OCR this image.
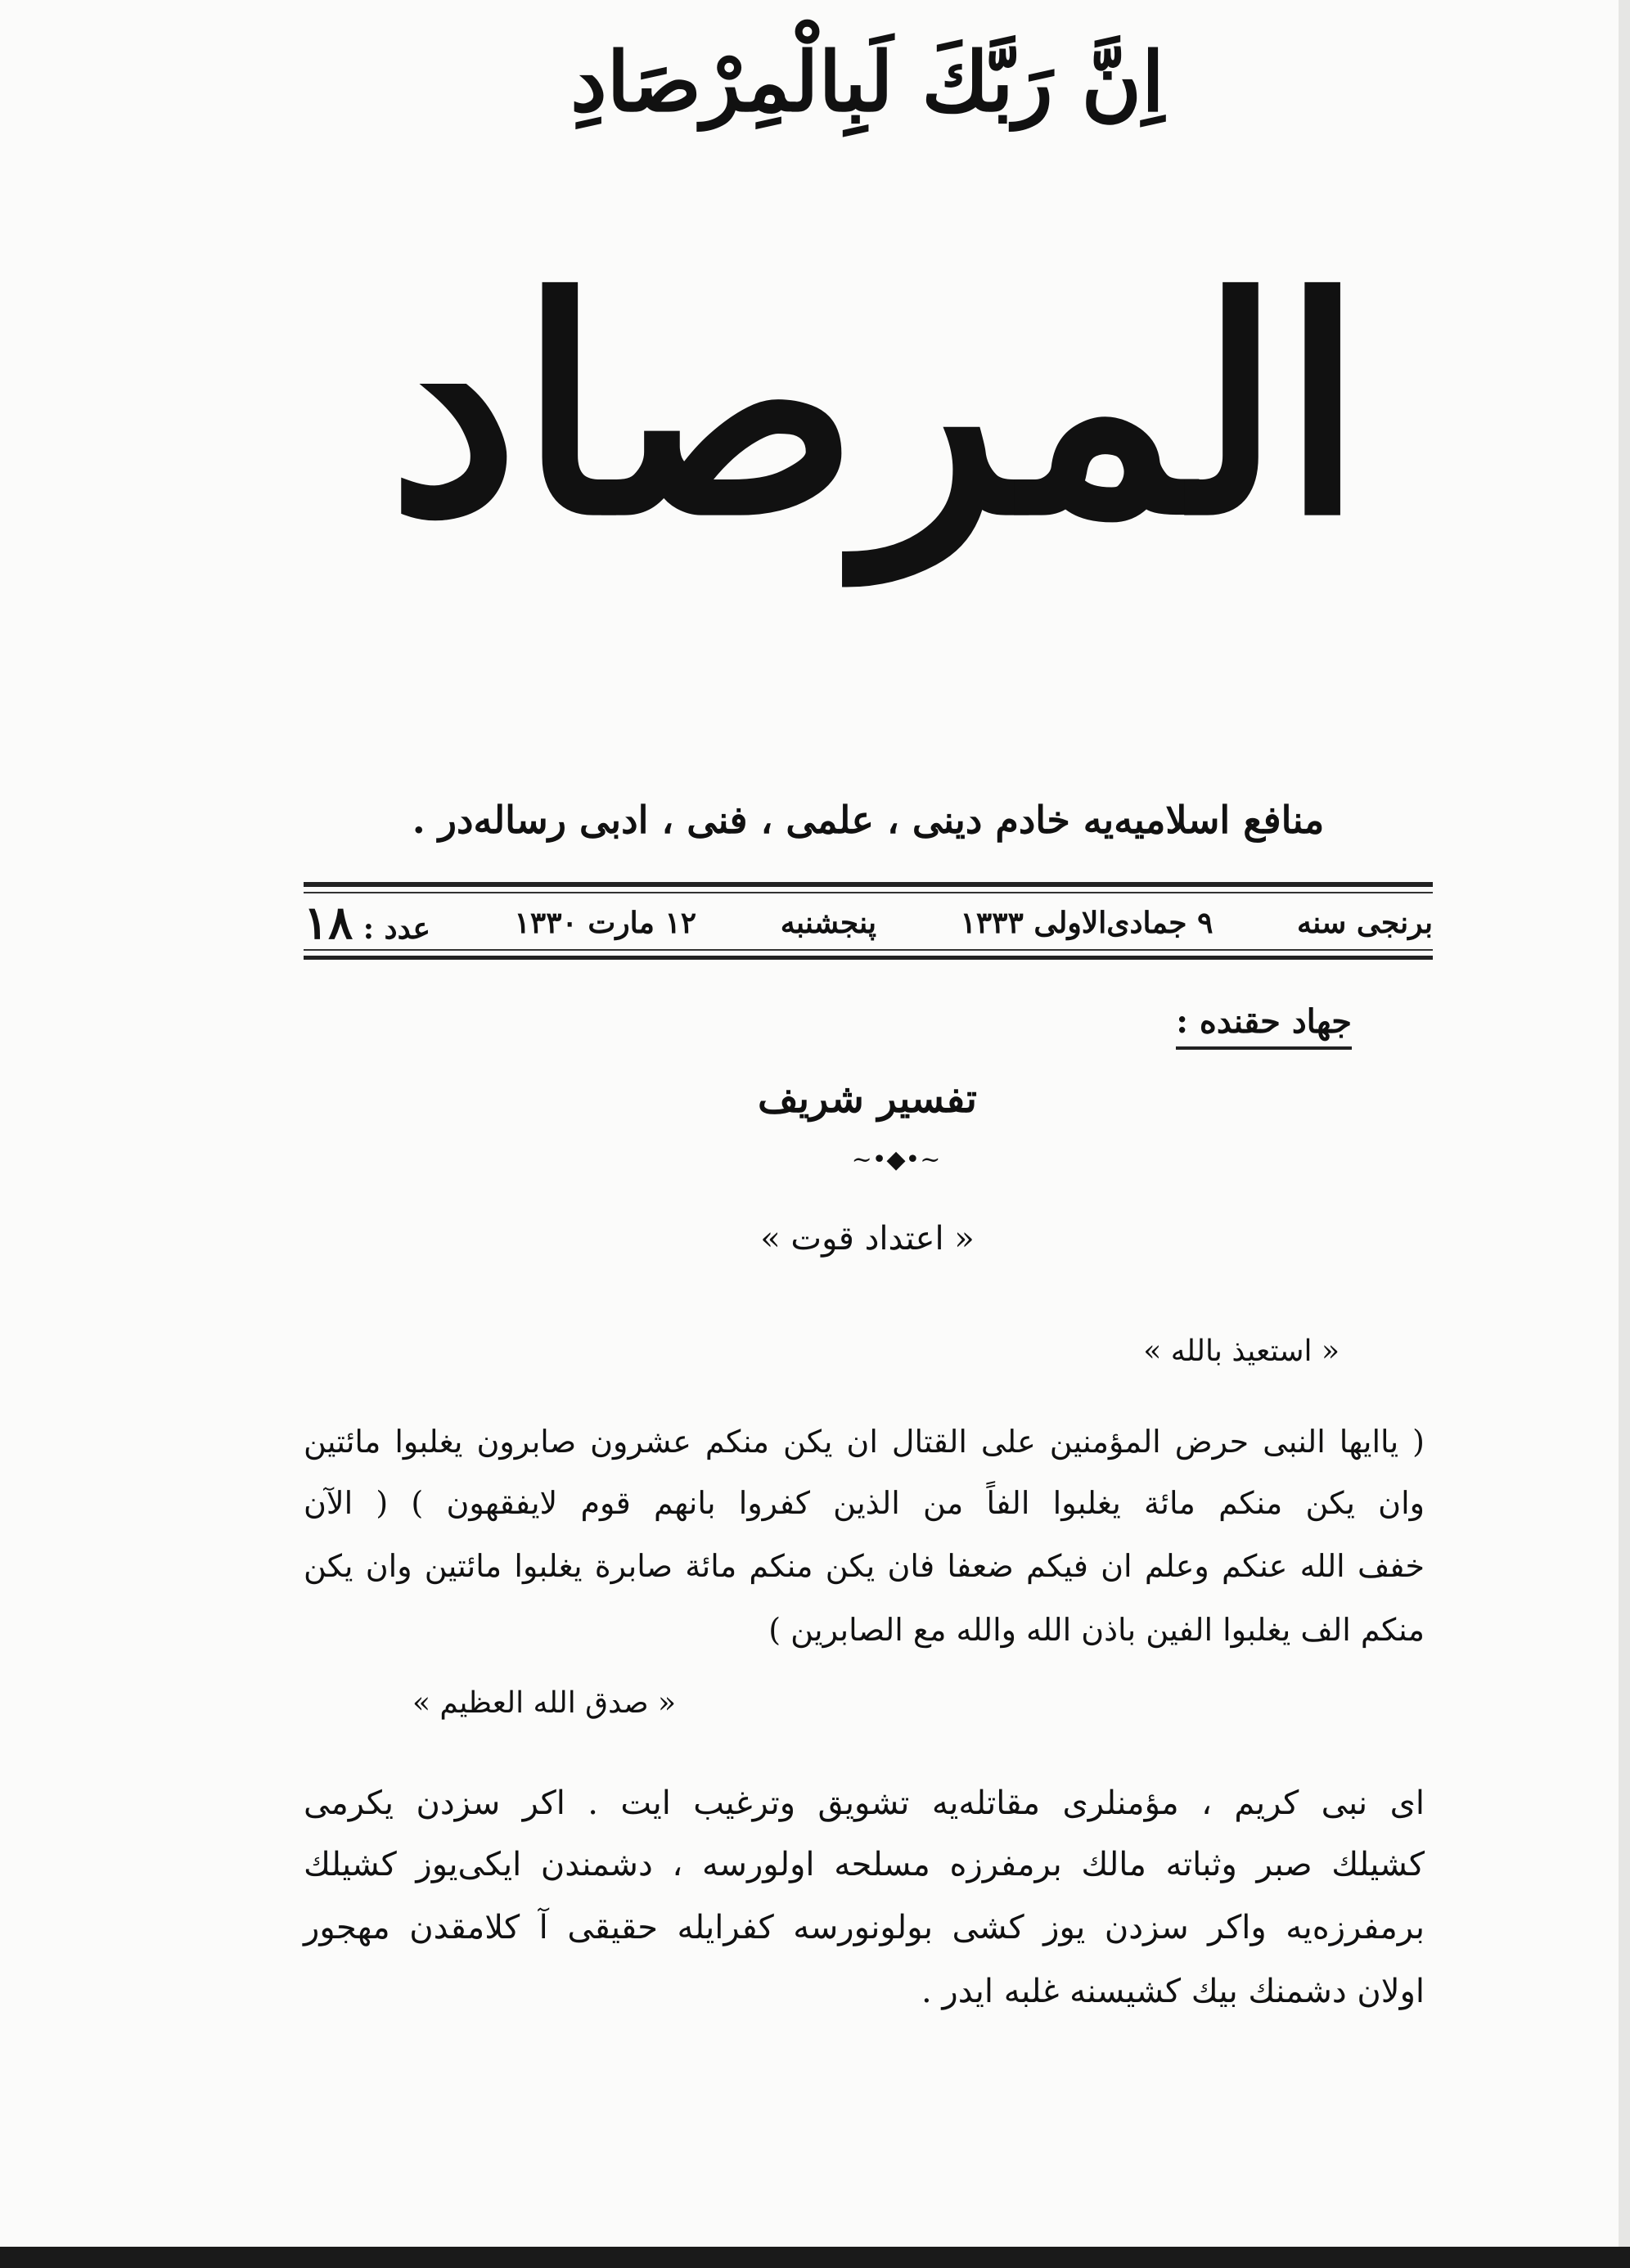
اِنَّ رَبَّكَ لَبِالْمِرْصَادِ
المرصاد
منافع اسلاميه‌يه خادم دينى ، علمى ، فنى ، ادبى رساله‌در .
برنجی سنه
۹ جمادی‌الاولی ۱۳۳۳
پنجشنبه
۱۲ مارت ۱۳۳۰
عدد : ۱۸
جهاد حقنده :
تفسير شريف
~•◆•~
« اعتداد قوت »
« استعيذ بالله »
( ياايها النبى حرض المؤمنين على القتال ان يكن منكم عشرون صابرون يغلبوا مائتين
وان يكن منكم مائة يغلبوا الفاً من الذين كفروا بانهم قوم لايفقهون ) ( الآن
خفف الله عنكم وعلم ان فيكم ضعفا فان يكن منكم مائة صابرة يغلبوا مائتين وان يكن
منكم الف يغلبوا الفين باذن الله والله مع الصابرين )
« صدق الله العظيم »
اى نبى كريم ، مؤمنلرى مقاتله‌يه تشويق وترغيب ايت . اكر سزدن يكرمى
كشيلك صبر وثباته مالك برمفرزه مسلحه اولورسه ، دشمندن ايكى‌يوز كشيلك
برمفرزه‌يه واكر سزدن يوز كشى بولونورسه كفرايله حقيقى آ كلامقدن مهجور
اولان دشمنك بيك كشيسنه غلبه ايدر .
